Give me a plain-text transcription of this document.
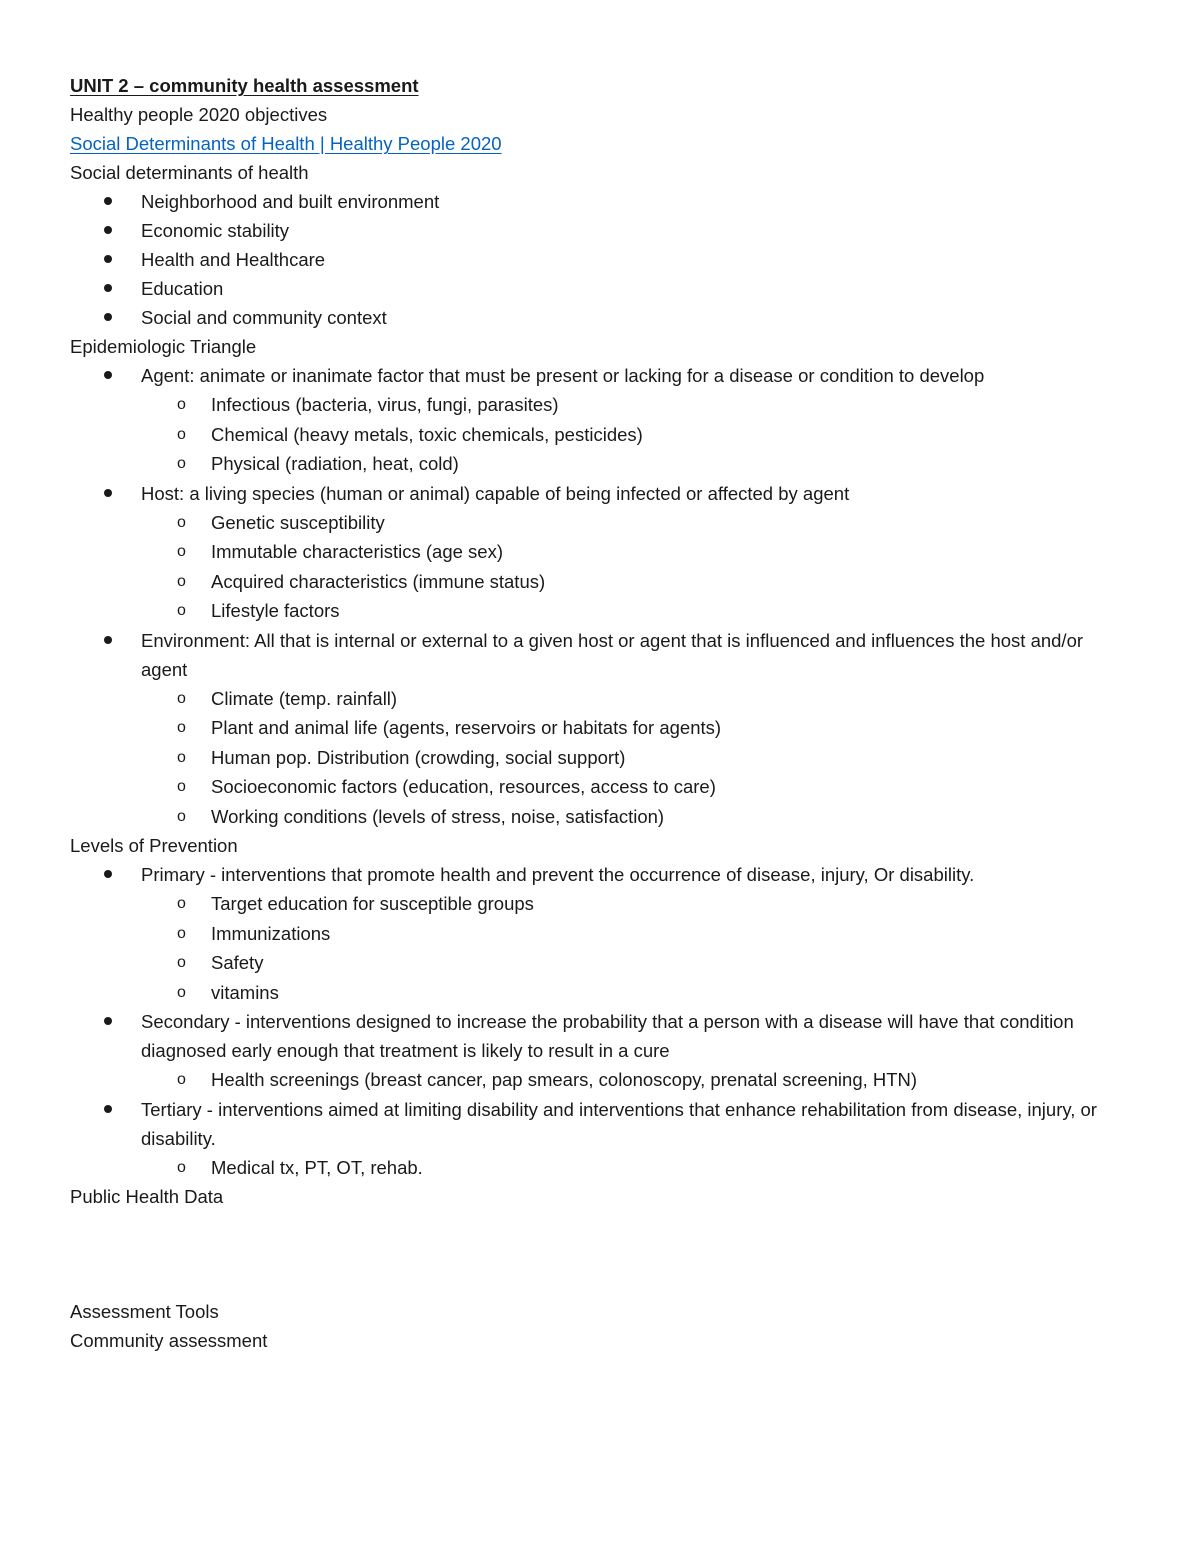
UNIT 2 – community health assessment
Healthy people 2020 objectives
Social Determinants of Health | Healthy People 2020
Social determinants of health
Neighborhood and built environment
Economic stability
Health and Healthcare
Education
Social and community context
Epidemiologic Triangle
Agent: animate or inanimate factor that must be present or lacking for a disease or condition to develop
o Infectious (bacteria, virus, fungi, parasites)
o Chemical (heavy metals, toxic chemicals, pesticides)
o Physical (radiation, heat, cold)
Host: a living species (human or animal) capable of being infected or affected by agent
o Genetic susceptibility
o Immutable characteristics (age sex)
o Acquired characteristics (immune status)
o Lifestyle factors
Environment: All that is internal or external to a given host or agent that is influenced and influences the host and/or agent
o Climate (temp. rainfall)
o Plant and animal life (agents, reservoirs or habitats for agents)
o Human pop. Distribution (crowding, social support)
o Socioeconomic factors (education, resources, access to care)
o Working conditions (levels of stress, noise, satisfaction)
Levels of Prevention
Primary - interventions that promote health and prevent the occurrence of disease, injury, Or disability.
o Target education for susceptible groups
o Immunizations
o Safety
o vitamins
Secondary - interventions designed to increase the probability that a person with a disease will have that condition diagnosed early enough that treatment is likely to result in a cure
o Health screenings (breast cancer, pap smears, colonoscopy, prenatal screening, HTN)
Tertiary - interventions aimed at limiting disability and interventions that enhance rehabilitation from disease, injury, or disability.
o Medical tx, PT, OT, rehab.
Public Health Data
Assessment Tools
Community assessment
